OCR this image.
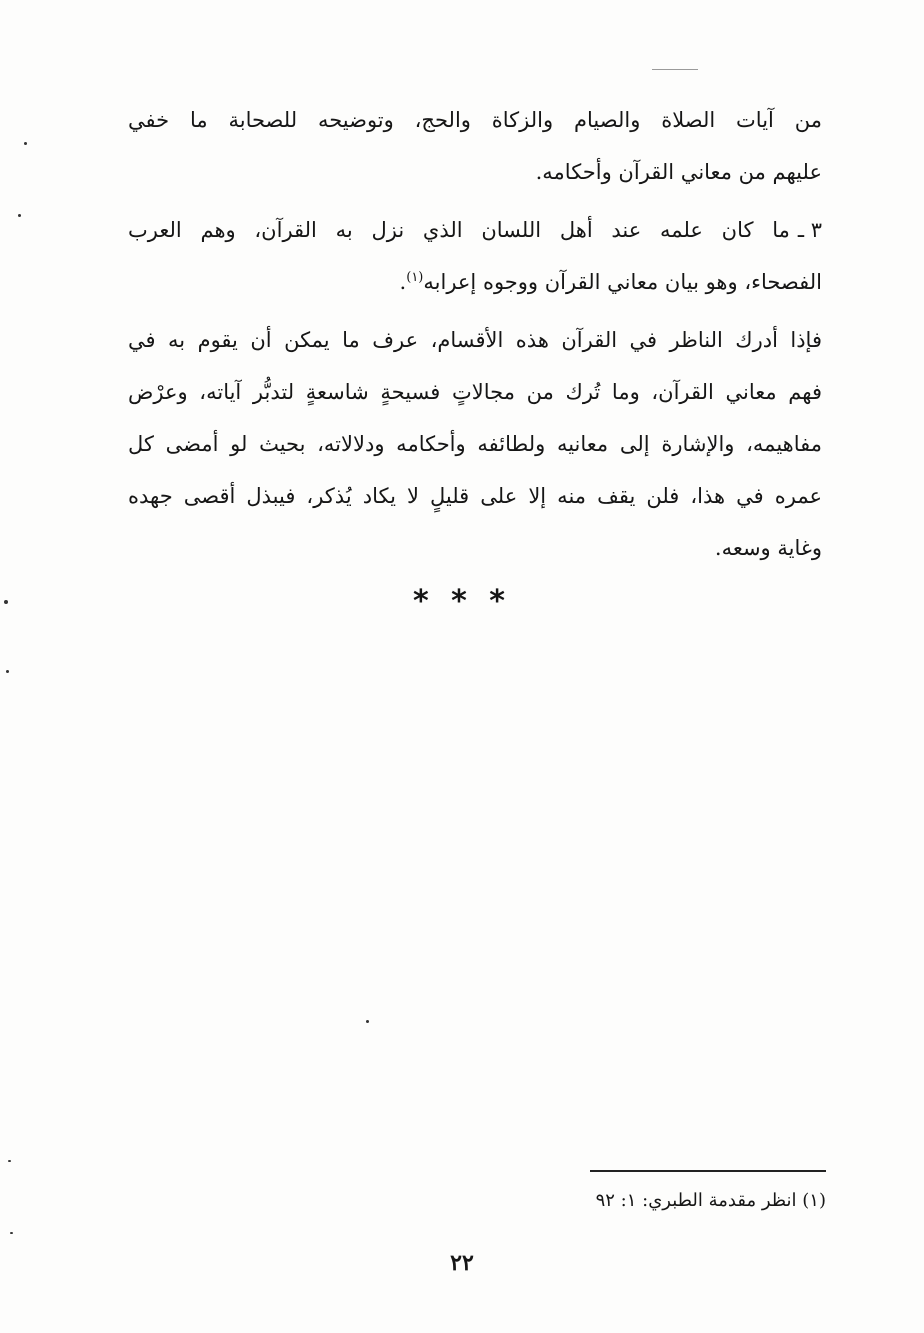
من آيات الصلاة والصيام والزكاة والحج، وتوضيحه للصحابة ما خفي
عليهم من معاني القرآن وأحكامه.
٣ ـما كان علمه عند أهل اللسان الذي نزل به القرآن، وهم العرب
الفصحاء، وهو بيان معاني القرآن ووجوه إعرابه$^{(١)}$.
فإذا أدرك الناظر في القرآن هذه الأقسام، عرف ما يمكن أن يقوم به في
فهم معاني القرآن، وما تُرك من مجالاتٍ فسيحةٍ شاسعةٍ لتدبُّر آياته، وعرْض
مفاهيمه، والإشارة إلى معانيه ولطائفه وأحكامه ودلالاته، بحيث لو أمضى كل
عمره في هذا، فلن يقف منه إلا على قليلٍ لا يكاد يُذكر، فيبذل أقصى جهده
وغاية وسعه.
* * *
(١) انظر مقدمة الطبري: ١: ٩٢
٢٢
